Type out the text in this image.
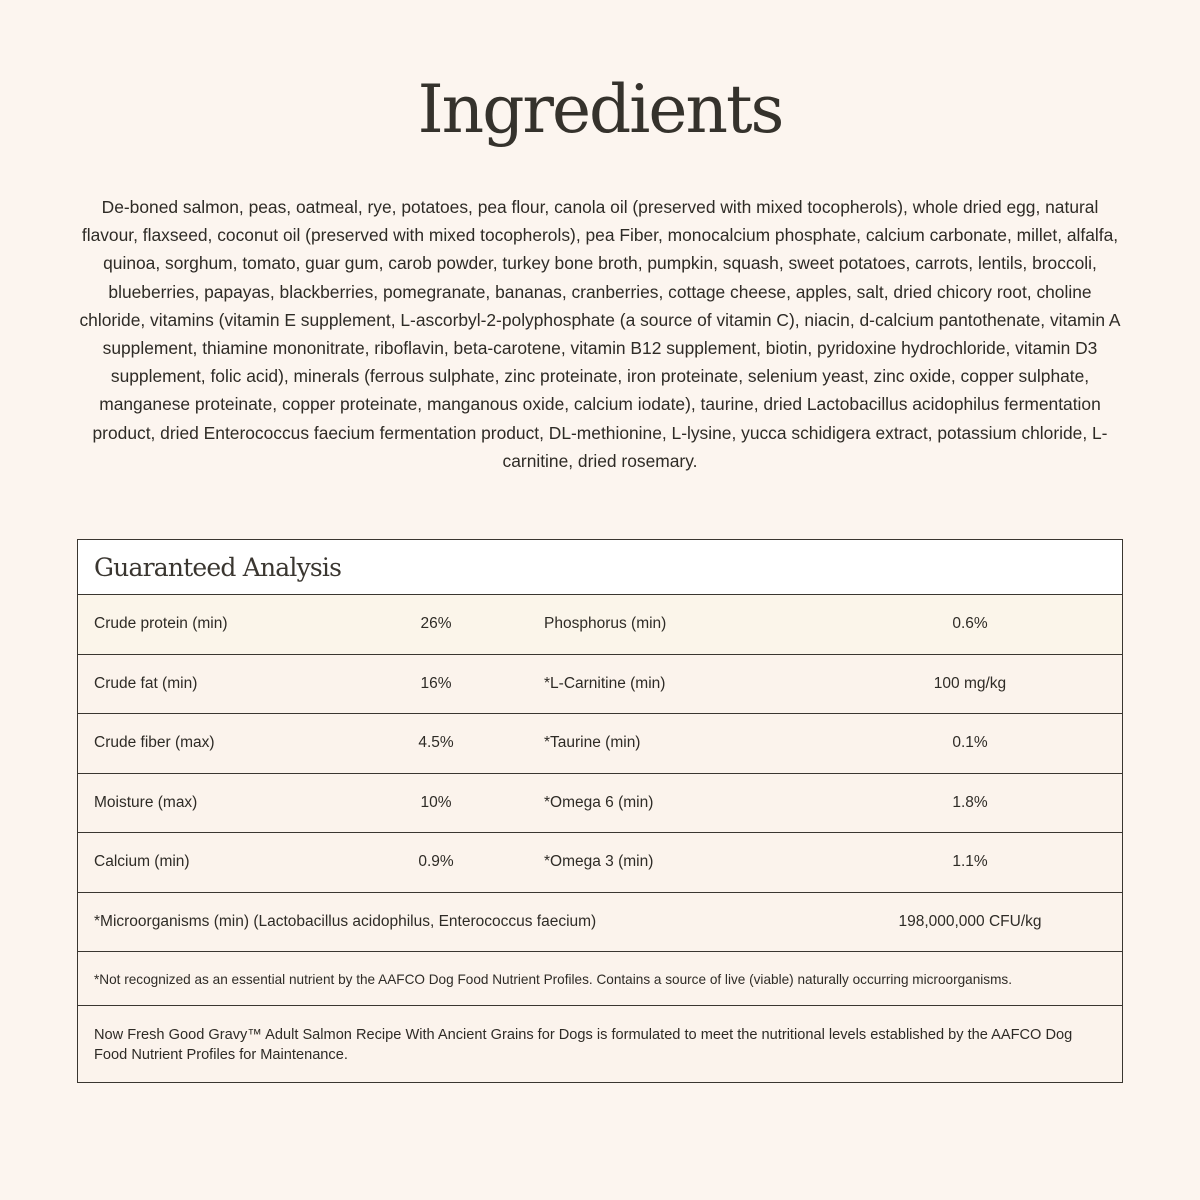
Ingredients

De-boned salmon, peas, oatmeal, rye, potatoes, pea flour, canola oil (preserved with mixed tocopherols), whole dried egg, natural flavour, flaxseed, coconut oil (preserved with mixed tocopherols), pea Fiber, monocalcium phosphate, calcium carbonate, millet, alfalfa, quinoa, sorghum, tomato, guar gum, carob powder, turkey bone broth, pumpkin, squash, sweet potatoes, carrots, lentils, broccoli, blueberries, papayas, blackberries, pomegranate, bananas, cranberries, cottage cheese, apples, salt, dried chicory root, choline chloride, vitamins (vitamin E supplement, L-ascorbyl-2-polyphosphate (a source of vitamin C), niacin, d-calcium pantothenate, vitamin A supplement, thiamine mononitrate, riboflavin, beta-carotene, vitamin B12 supplement, biotin, pyridoxine hydrochloride, vitamin D3 supplement, folic acid), minerals (ferrous sulphate, zinc proteinate, iron proteinate, selenium yeast, zinc oxide, copper sulphate, manganese proteinate, copper proteinate, manganous oxide, calcium iodate), taurine, dried Lactobacillus acidophilus fermentation product, dried Enterococcus faecium fermentation product, DL-methionine, L-lysine, yucca schidigera extract, potassium chloride, L-carnitine, dried rosemary.

Guaranteed Analysis
Crude protein (min)	26%	Phosphorus (min)	0.6%
Crude fat (min)	16%	*L-Carnitine (min)	100 mg/kg
Crude fiber (max)	4.5%	*Taurine (min)	0.1%
Moisture (max)	10%	*Omega 6 (min)	1.8%
Calcium (min)	0.9%	*Omega 3 (min)	1.1%
*Microorganisms (min) (Lactobacillus acidophilus, Enterococcus faecium)	198,000,000 CFU/kg
*Not recognized as an essential nutrient by the AAFCO Dog Food Nutrient Profiles. Contains a source of live (viable) naturally occurring microorganisms.
Now Fresh Good Gravy™ Adult Salmon Recipe With Ancient Grains for Dogs is formulated to meet the nutritional levels established by the AAFCO Dog Food Nutrient Profiles for Maintenance.
